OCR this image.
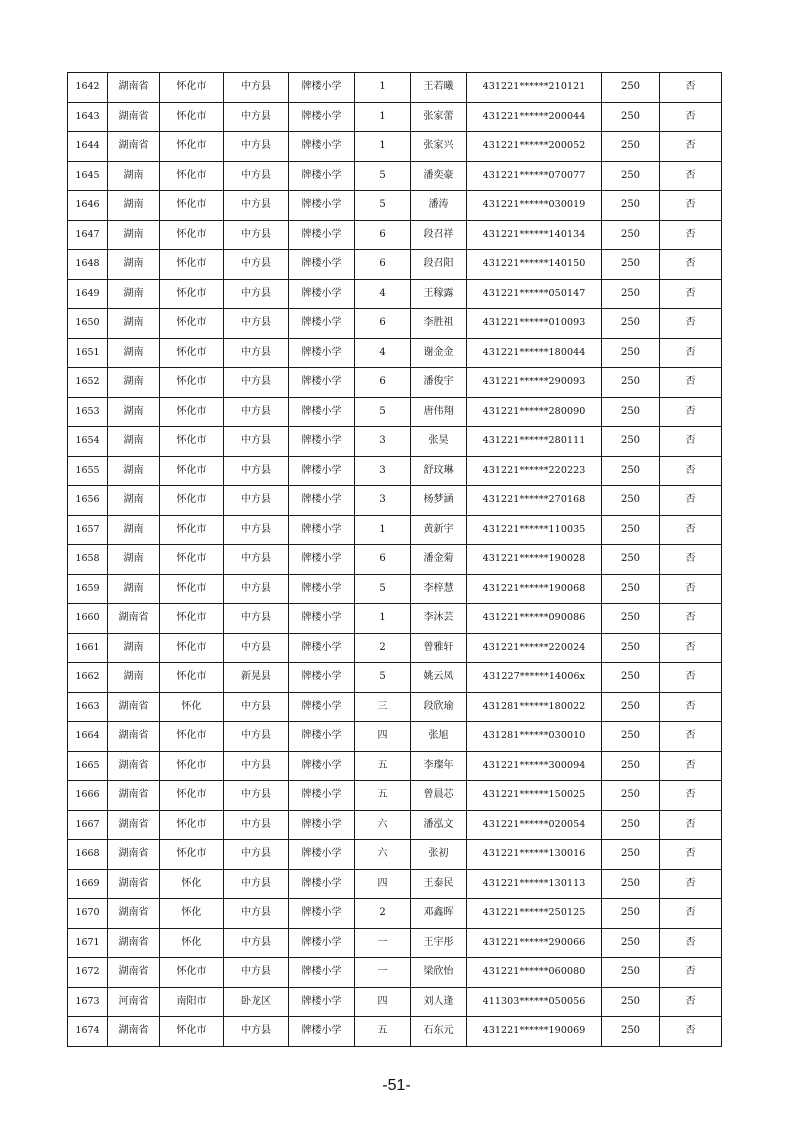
1642	湖南省	怀化市	中方县	牌楼小学	1	王若曦	431221******210121	250	否
1643	湖南省	怀化市	中方县	牌楼小学	1	张家蕾	431221******200044	250	否
1644	湖南省	怀化市	中方县	牌楼小学	1	张家兴	431221******200052	250	否
1645	湖南	怀化市	中方县	牌楼小学	5	潘奕豪	431221******070077	250	否
1646	湖南	怀化市	中方县	牌楼小学	5	潘涛	431221******030019	250	否
1647	湖南	怀化市	中方县	牌楼小学	6	段召祥	431221******140134	250	否
1648	湖南	怀化市	中方县	牌楼小学	6	段召阳	431221******140150	250	否
1649	湖南	怀化市	中方县	牌楼小学	4	王稼露	431221******050147	250	否
1650	湖南	怀化市	中方县	牌楼小学	6	李胜祖	431221******010093	250	否
1651	湖南	怀化市	中方县	牌楼小学	4	谢金金	431221******180044	250	否
1652	湖南	怀化市	中方县	牌楼小学	6	潘俊宇	431221******290093	250	否
1653	湖南	怀化市	中方县	牌楼小学	5	唐伟翔	431221******280090	250	否
1654	湖南	怀化市	中方县	牌楼小学	3	张昊	431221******280111	250	否
1655	湖南	怀化市	中方县	牌楼小学	3	舒玟琳	431221******220223	250	否
1656	湖南	怀化市	中方县	牌楼小学	3	杨梦涵	431221******270168	250	否
1657	湖南	怀化市	中方县	牌楼小学	1	黄新宇	431221******110035	250	否
1658	湖南	怀化市	中方县	牌楼小学	6	潘金菊	431221******190028	250	否
1659	湖南	怀化市	中方县	牌楼小学	5	李梓慧	431221******190068	250	否
1660	湖南省	怀化市	中方县	牌楼小学	1	李沐芸	431221******090086	250	否
1661	湖南	怀化市	中方县	牌楼小学	2	曾雅轩	431221******220024	250	否
1662	湖南	怀化市	新晃县	牌楼小学	5	姚云凤	431227******14006x	250	否
1663	湖南省	怀化	中方县	牌楼小学	三	段欣瑜	431281******180022	250	否
1664	湖南省	怀化市	中方县	牌楼小学	四	张旭	431281******030010	250	否
1665	湖南省	怀化市	中方县	牌楼小学	五	李璨年	431221******300094	250	否
1666	湖南省	怀化市	中方县	牌楼小学	五	曾晨芯	431221******150025	250	否
1667	湖南省	怀化市	中方县	牌楼小学	六	潘泓文	431221******020054	250	否
1668	湖南省	怀化市	中方县	牌楼小学	六	张初	431221******130016	250	否
1669	湖南省	怀化	中方县	牌楼小学	四	王泰民	431221******130113	250	否
1670	湖南省	怀化	中方县	牌楼小学	2	邓鑫晖	431221******250125	250	否
1671	湖南省	怀化	中方县	牌楼小学	一	王宇彤	431221******290066	250	否
1672	湖南省	怀化市	中方县	牌楼小学	一	梁欣怡	431221******060080	250	否
1673	河南省	南阳市	卧龙区	牌楼小学	四	刘人逢	411303******050056	250	否
1674	湖南省	怀化市	中方县	牌楼小学	五	石东元	431221******190069	250	否
-51-
